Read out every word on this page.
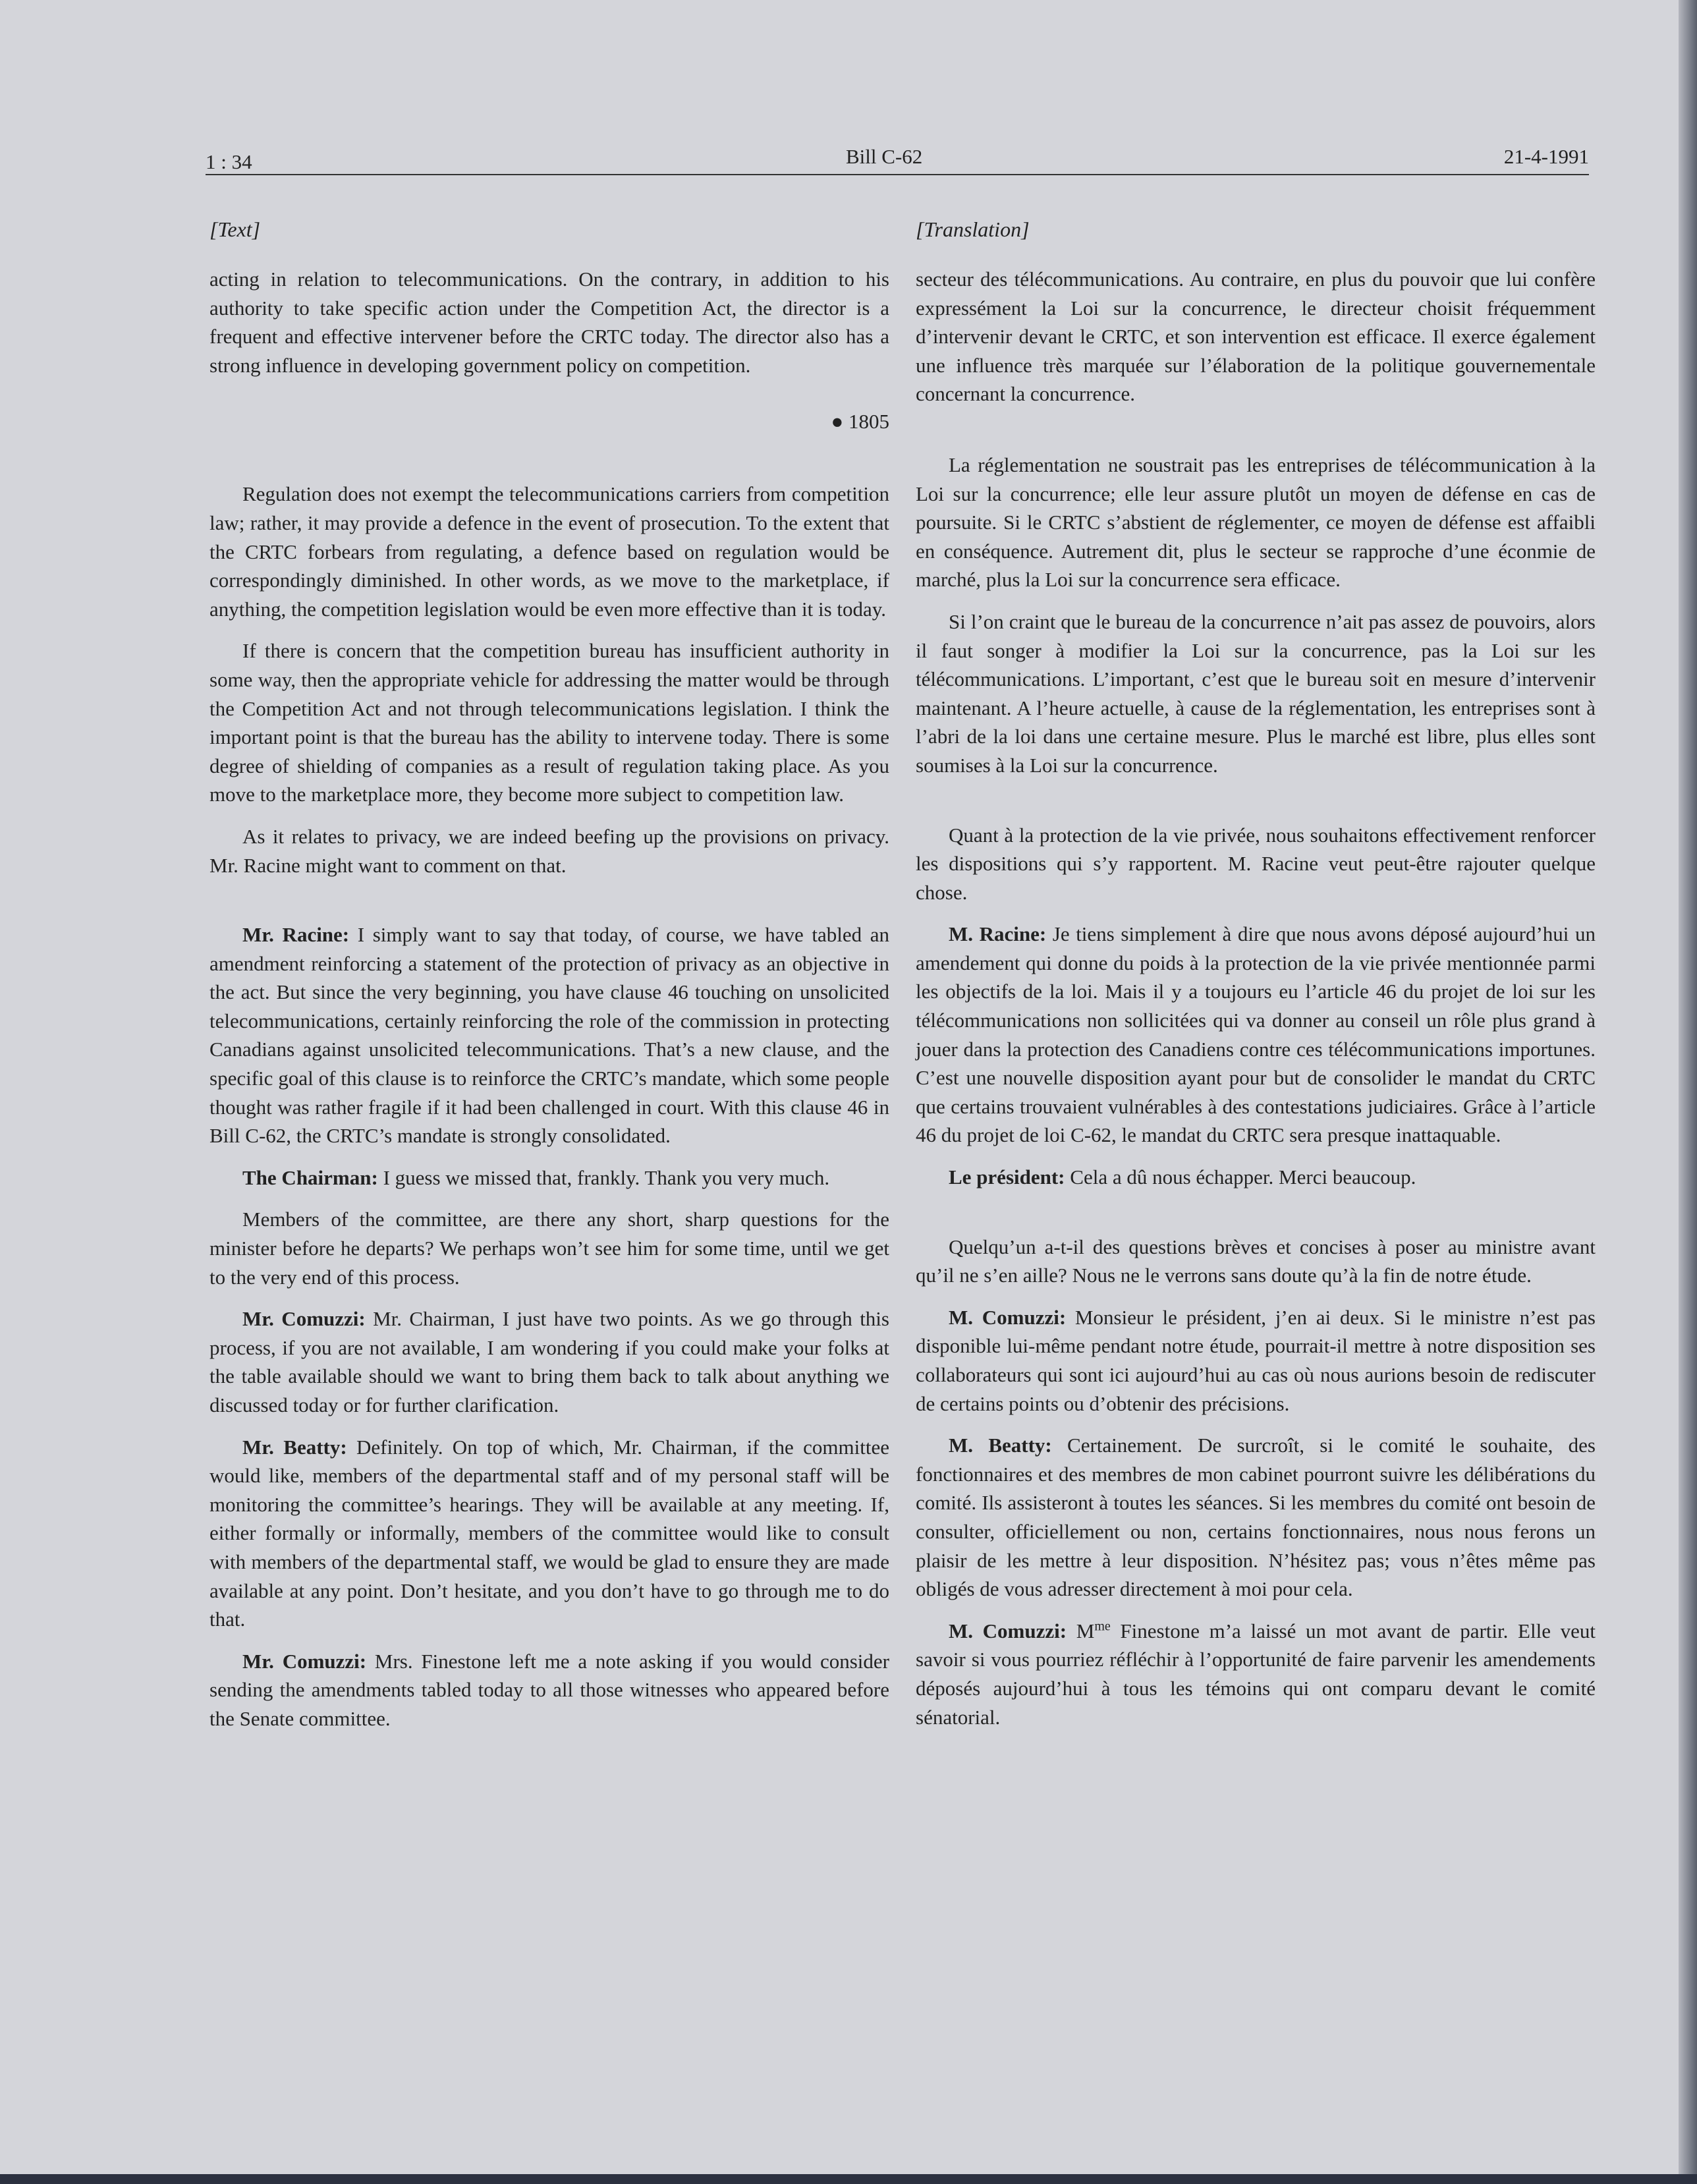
1 : 34	Bill C-62	21-4-1991
[Text]

acting in relation to telecommunications. On the contrary, in addition to his authority to take specific action under the Competition Act, the director is a frequent and effective intervener before the CRTC today. The director also has a strong influence in developing government policy on competition.

● 1805

Regulation does not exempt the telecommunications carriers from competition law; rather, it may provide a defence in the event of prosecution. To the extent that the CRTC forbears from regulating, a defence based on regulation would be correspondingly diminished. In other words, as we move to the marketplace, if anything, the competition legislation would be even more effective than it is today.

If there is concern that the competition bureau has insufficient authority in some way, then the appropriate vehicle for addressing the matter would be through the Competition Act and not through telecommunications legislation. I think the important point is that the bureau has the ability to intervene today. There is some degree of shielding of companies as a result of regulation taking place. As you move to the marketplace more, they become more subject to competition law.

As it relates to privacy, we are indeed beefing up the provisions on privacy. Mr. Racine might want to comment on that.

Mr. Racine: I simply want to say that today, of course, we have tabled an amendment reinforcing a statement of the protection of privacy as an objective in the act. But since the very beginning, you have clause 46 touching on unsolicited telecommunications, certainly reinforcing the role of the commission in protecting Canadians against unsolicited telecommunications. That’s a new clause, and the specific goal of this clause is to reinforce the CRTC’s mandate, which some people thought was rather fragile if it had been challenged in court. With this clause 46 in Bill C-62, the CRTC’s mandate is strongly consolidated.

The Chairman: I guess we missed that, frankly. Thank you very much.

Members of the committee, are there any short, sharp questions for the minister before he departs? We perhaps won’t see him for some time, until we get to the very end of this process.

Mr. Comuzzi: Mr. Chairman, I just have two points. As we go through this process, if you are not available, I am wondering if you could make your folks at the table available should we want to bring them back to talk about anything we discussed today or for further clarification.

Mr. Beatty: Definitely. On top of which, Mr. Chairman, if the committee would like, members of the departmental staff and of my personal staff will be monitoring the committee’s hearings. They will be available at any meeting. If, either formally or informally, members of the committee would like to consult with members of the departmental staff, we would be glad to ensure they are made available at any point. Don’t hesitate, and you don’t have to go through me to do that.

Mr. Comuzzi: Mrs. Finestone left me a note asking if you would consider sending the amendments tabled today to all those witnesses who appeared before the Senate committee.

[Translation]

secteur des télécommunications. Au contraire, en plus du pouvoir que lui confère expressément la Loi sur la concurrence, le directeur choisit fréquemment d’intervenir devant le CRTC, et son intervention est efficace. Il exerce également une influence très marquée sur l’élaboration de la politique gouvernementale concernant la concurrence.

La réglementation ne soustrait pas les entreprises de télécommunication à la Loi sur la concurrence; elle leur assure plutôt un moyen de défense en cas de poursuite. Si le CRTC s’abstient de réglementer, ce moyen de défense est affaibli en conséquence. Autrement dit, plus le secteur se rapproche d’une éconmie de marché, plus la Loi sur la concurrence sera efficace.

Si l’on craint que le bureau de la concurrence n’ait pas assez de pouvoirs, alors il faut songer à modifier la Loi sur la concurrence, pas la Loi sur les télécommunications. L’important, c’est que le bureau soit en mesure d’intervenir maintenant. A l’heure actuelle, à cause de la réglementation, les entreprises sont à l’abri de la loi dans une certaine mesure. Plus le marché est libre, plus elles sont soumises à la Loi sur la concurrence.

Quant à la protection de la vie privée, nous souhaitons effectivement renforcer les dispositions qui s’y rapportent. M. Racine veut peut-être rajouter quelque chose.

M. Racine: Je tiens simplement à dire que nous avons déposé aujourd’hui un amendement qui donne du poids à la protection de la vie privée mentionnée parmi les objectifs de la loi. Mais il y a toujours eu l’article 46 du projet de loi sur les télécommunications non sollicitées qui va donner au conseil un rôle plus grand à jouer dans la protection des Canadiens contre ces télécommunications importunes. C’est une nouvelle disposition ayant pour but de consolider le mandat du CRTC que certains trouvaient vulnérables à des contestations judiciaires. Grâce à l’article 46 du projet de loi C-62, le mandat du CRTC sera presque inattaquable.

Le président: Cela a dû nous échapper. Merci beaucoup.

Quelqu’un a-t-il des questions brèves et concises à poser au ministre avant qu’il ne s’en aille? Nous ne le verrons sans doute qu’à la fin de notre étude.

M. Comuzzi: Monsieur le président, j’en ai deux. Si le ministre n’est pas disponible lui-même pendant notre étude, pourrait-il mettre à notre disposition ses collaborateurs qui sont ici aujourd’hui au cas où nous aurions besoin de rediscuter de certains points ou d’obtenir des précisions.

M. Beatty: Certainement. De surcroît, si le comité le souhaite, des fonctionnaires et des membres de mon cabinet pourront suivre les délibérations du comité. Ils assisteront à toutes les séances. Si les membres du comité ont besoin de consulter, officiellement ou non, certains fonctionnaires, nous nous ferons un plaisir de les mettre à leur disposition. N’hésitez pas; vous n’êtes même pas obligés de vous adresser directement à moi pour cela.

M. Comuzzi: $M^{me}$ Finestone m’a laissé un mot avant de partir. Elle veut savoir si vous pourriez réfléchir à l’opportunité de faire parvenir les amendements déposés aujourd’hui à tous les témoins qui ont comparu devant le comité sénatorial.
